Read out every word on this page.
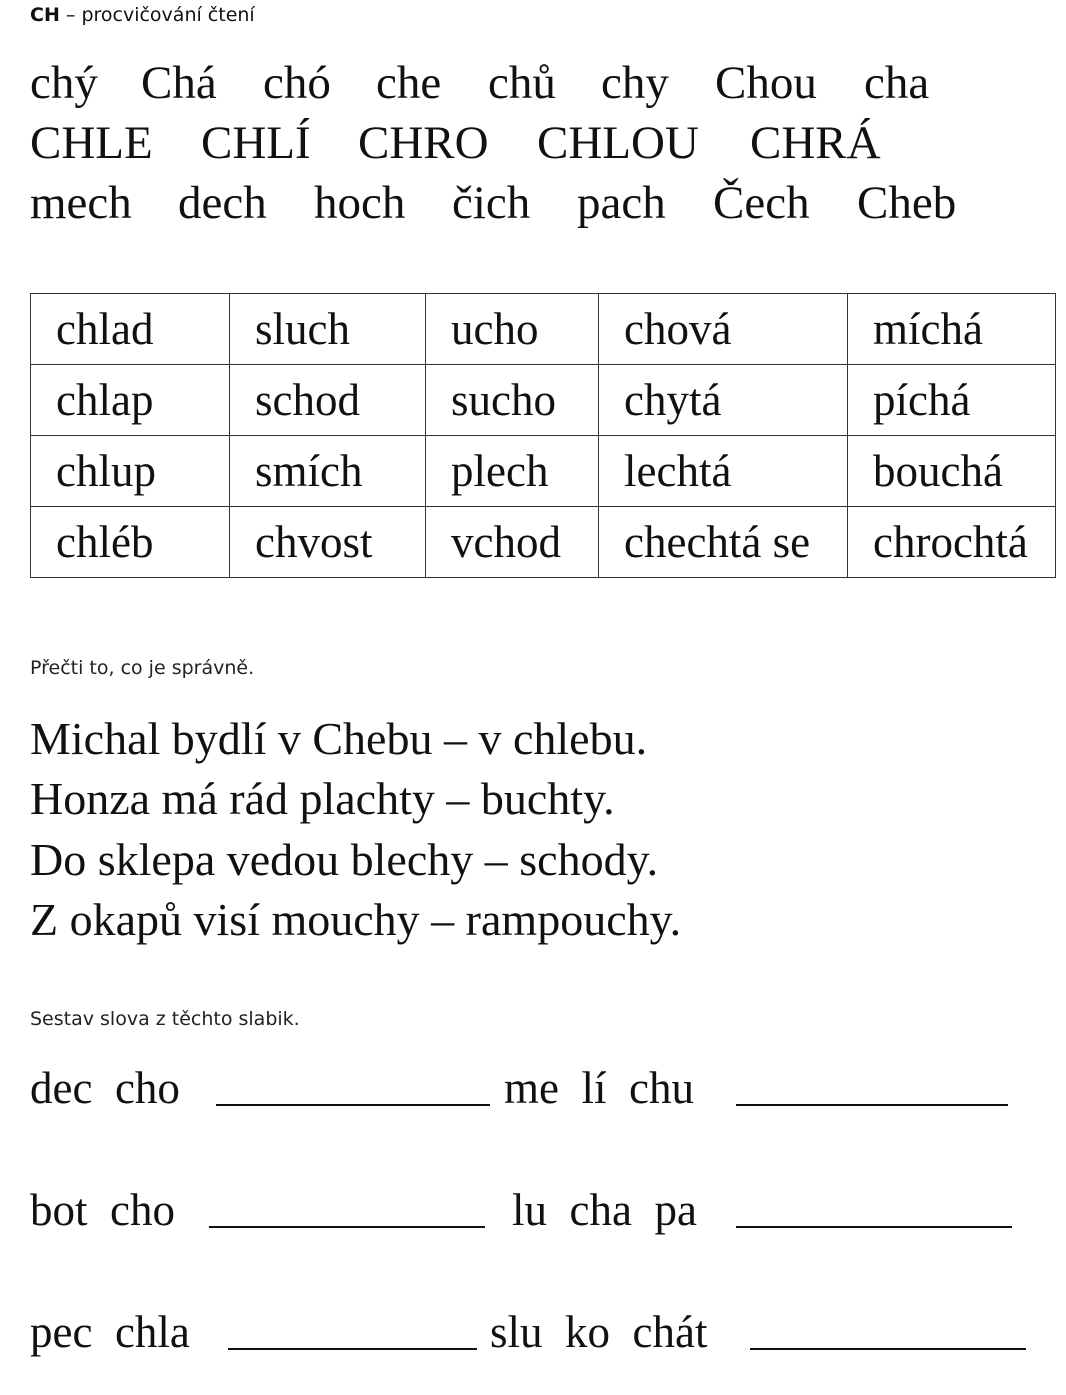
CH – procvičování čtení
chý Chá chó che chů chy Chou cha
CHLE CHLÍ CHRO CHLOU CHRÁ
mech dech hoch čich pach Čech Cheb
chlad	sluch	ucho	chová	míchá
chlap	schod	sucho	chytá	píchá
chlup	smích	plech	lechtá	bouchá
chléb	chvost	vchod	chechtá se	chrochtá
Přečti to, co je správně.
Michal bydlí v Chebu – v chlebu.
Honza má rád plachty – buchty.
Do sklepa vedou blechy – schody.
Z okapů visí mouchy – rampouchy.
Sestav slova z těchto slabik.
dec  cho	me  lí  chu
bot  cho	lu  cha  pa
pec  chla	slu  ko  chát
